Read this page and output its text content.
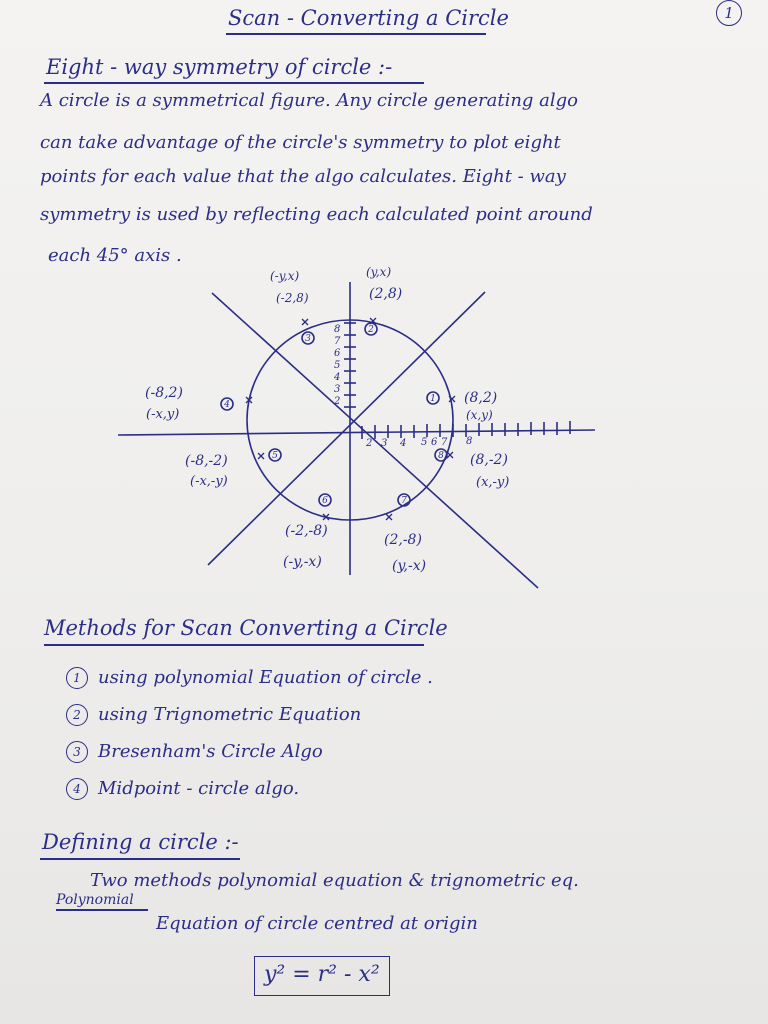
1
Scan - Converting a Circle
Eight - way symmetry of circle :-
A circle is a symmetrical figure. Any circle generating algo
can take advantage of the circle's symmetry to plot eight
points for each value that the algo calculates. Eight - way
symmetry is used by reflecting each calculated point around
each 45° axis .
2 3 4 5 6 7 8
2
3
4
5
6
7
8
1
2
3
4
5
6	7
8
(8,2)
(x,y)
(2,8)
(y,x)
(-2,8)
(-y,x)
(-8,2)
(-x,y)
(-8,-2)
(-x,-y)
(-2,-8)
(-y,-x)
(2,-8)
(y,-x)
(8,-2)
(x,-y)
Methods for Scan Converting a Circle
1 using polynomial Equation of circle .
2 using Trignometric Equation
3 Bresenham's Circle Algo
4 Midpoint - circle algo.
Defining a circle :-
Two methods polynomial equation & trignometric eq.
Polynomial
Equation of circle centred at origin
y² = r² - x²
